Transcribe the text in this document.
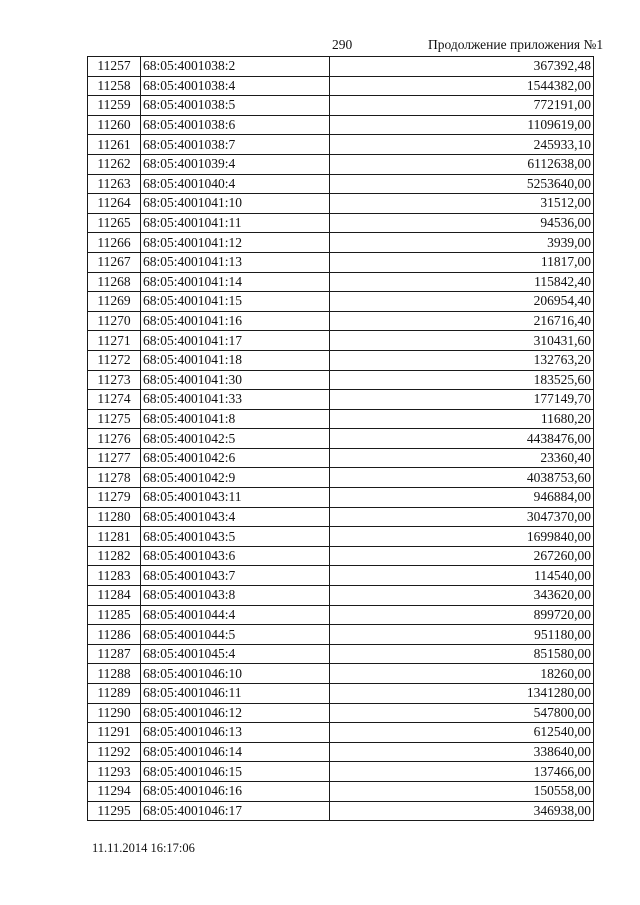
290	Продолжение приложения №1
11257	68:05:4001038:2	367392,48
11258	68:05:4001038:4	1544382,00
11259	68:05:4001038:5	772191,00
11260	68:05:4001038:6	1109619,00
11261	68:05:4001038:7	245933,10
11262	68:05:4001039:4	6112638,00
11263	68:05:4001040:4	5253640,00
11264	68:05:4001041:10	31512,00
11265	68:05:4001041:11	94536,00
11266	68:05:4001041:12	3939,00
11267	68:05:4001041:13	11817,00
11268	68:05:4001041:14	115842,40
11269	68:05:4001041:15	206954,40
11270	68:05:4001041:16	216716,40
11271	68:05:4001041:17	310431,60
11272	68:05:4001041:18	132763,20
11273	68:05:4001041:30	183525,60
11274	68:05:4001041:33	177149,70
11275	68:05:4001041:8	11680,20
11276	68:05:4001042:5	4438476,00
11277	68:05:4001042:6	23360,40
11278	68:05:4001042:9	4038753,60
11279	68:05:4001043:11	946884,00
11280	68:05:4001043:4	3047370,00
11281	68:05:4001043:5	1699840,00
11282	68:05:4001043:6	267260,00
11283	68:05:4001043:7	114540,00
11284	68:05:4001043:8	343620,00
11285	68:05:4001044:4	899720,00
11286	68:05:4001044:5	951180,00
11287	68:05:4001045:4	851580,00
11288	68:05:4001046:10	18260,00
11289	68:05:4001046:11	1341280,00
11290	68:05:4001046:12	547800,00
11291	68:05:4001046:13	612540,00
11292	68:05:4001046:14	338640,00
11293	68:05:4001046:15	137466,00
11294	68:05:4001046:16	150558,00
11295	68:05:4001046:17	346938,00
11.11.2014 16:17:06
